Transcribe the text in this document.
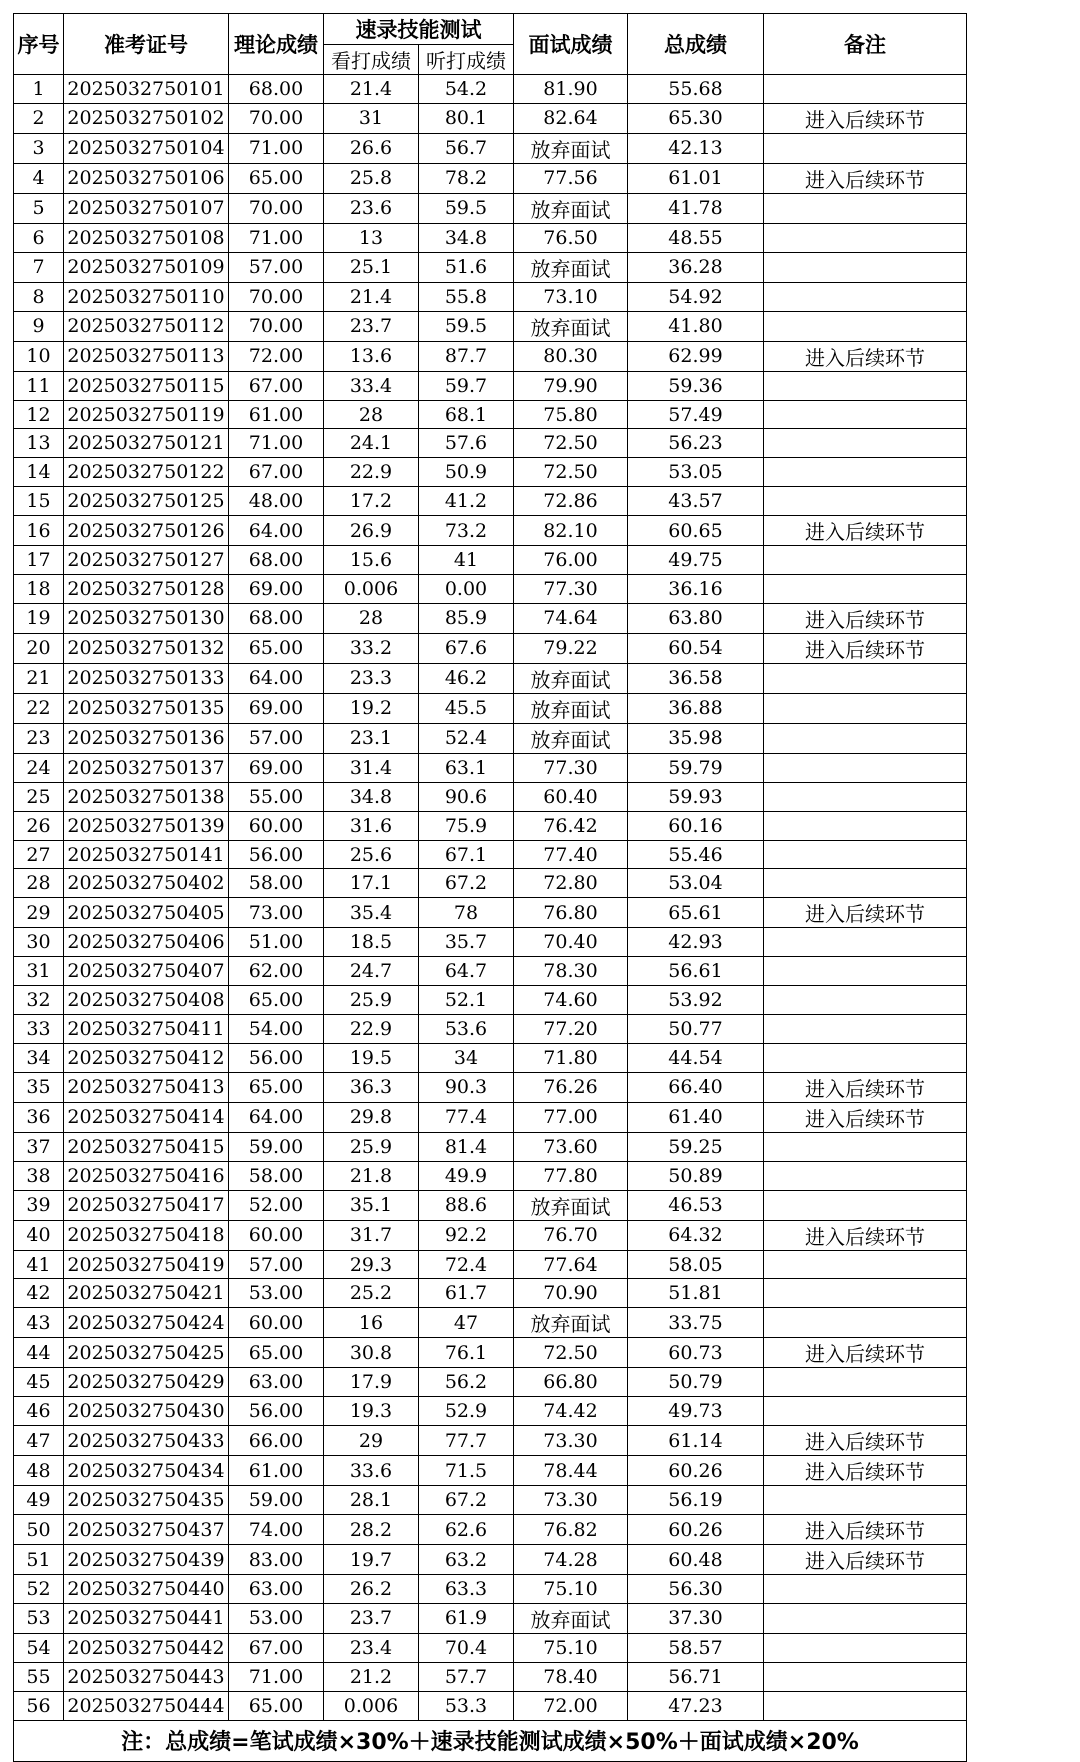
序号	准考证号	理论成绩	速录技能测试		面试成绩	总成绩	备注
			看打成绩	听打成绩			
1	2025032750101	68.00	21.4	54.2	81.90	55.68	
2	2025032750102	70.00	31	80.1	82.64	65.30	进入后续环节
3	2025032750104	71.00	26.6	56.7	放弃面试	42.13	
4	2025032750106	65.00	25.8	78.2	77.56	61.01	进入后续环节
5	2025032750107	70.00	23.6	59.5	放弃面试	41.78	
6	2025032750108	71.00	13	34.8	76.50	48.55	
7	2025032750109	57.00	25.1	51.6	放弃面试	36.28	
8	2025032750110	70.00	21.4	55.8	73.10	54.92	
9	2025032750112	70.00	23.7	59.5	放弃面试	41.80	
10	2025032750113	72.00	13.6	87.7	80.30	62.99	进入后续环节
11	2025032750115	67.00	33.4	59.7	79.90	59.36	
12	2025032750119	61.00	28	68.1	75.80	57.49	
13	2025032750121	71.00	24.1	57.6	72.50	56.23	
14	2025032750122	67.00	22.9	50.9	72.50	53.05	
15	2025032750125	48.00	17.2	41.2	72.86	43.57	
16	2025032750126	64.00	26.9	73.2	82.10	60.65	进入后续环节
17	2025032750127	68.00	15.6	41	76.00	49.75	
18	2025032750128	69.00	0.006	0.00	77.30	36.16	
19	2025032750130	68.00	28	85.9	74.64	63.80	进入后续环节
20	2025032750132	65.00	33.2	67.6	79.22	60.54	进入后续环节
21	2025032750133	64.00	23.3	46.2	放弃面试	36.58	
22	2025032750135	69.00	19.2	45.5	放弃面试	36.88	
23	2025032750136	57.00	23.1	52.4	放弃面试	35.98	
24	2025032750137	69.00	31.4	63.1	77.30	59.79	
25	2025032750138	55.00	34.8	90.6	60.40	59.93	
26	2025032750139	60.00	31.6	75.9	76.42	60.16	
27	2025032750141	56.00	25.6	67.1	77.40	55.46	
28	2025032750402	58.00	17.1	67.2	72.80	53.04	
29	2025032750405	73.00	35.4	78	76.80	65.61	进入后续环节
30	2025032750406	51.00	18.5	35.7	70.40	42.93	
31	2025032750407	62.00	24.7	64.7	78.30	56.61	
32	2025032750408	65.00	25.9	52.1	74.60	53.92	
33	2025032750411	54.00	22.9	53.6	77.20	50.77	
34	2025032750412	56.00	19.5	34	71.80	44.54	
35	2025032750413	65.00	36.3	90.3	76.26	66.40	进入后续环节
36	2025032750414	64.00	29.8	77.4	77.00	61.40	进入后续环节
37	2025032750415	59.00	25.9	81.4	73.60	59.25	
38	2025032750416	58.00	21.8	49.9	77.80	50.89	
39	2025032750417	52.00	35.1	88.6	放弃面试	46.53	
40	2025032750418	60.00	31.7	92.2	76.70	64.32	进入后续环节
41	2025032750419	57.00	29.3	72.4	77.64	58.05	
42	2025032750421	53.00	25.2	61.7	70.90	51.81	
43	2025032750424	60.00	16	47	放弃面试	33.75	
44	2025032750425	65.00	30.8	76.1	72.50	60.73	进入后续环节
45	2025032750429	63.00	17.9	56.2	66.80	50.79	
46	2025032750430	56.00	19.3	52.9	74.42	49.73	
47	2025032750433	66.00	29	77.7	73.30	61.14	进入后续环节
48	2025032750434	61.00	33.6	71.5	78.44	60.26	进入后续环节
49	2025032750435	59.00	28.1	67.2	73.30	56.19	
50	2025032750437	74.00	28.2	62.6	76.82	60.26	进入后续环节
51	2025032750439	83.00	19.7	63.2	74.28	60.48	进入后续环节
52	2025032750440	63.00	26.2	63.3	75.10	56.30	
53	2025032750441	53.00	23.7	61.9	放弃面试	37.30	
54	2025032750442	67.00	23.4	70.4	75.10	58.57	
55	2025032750443	71.00	21.2	57.7	78.40	56.71	
56	2025032750444	65.00	0.006	53.3	72.00	47.23	
注：总成绩=笔试成绩×30%＋速录技能测试成绩×50%＋面试成绩×20%							
